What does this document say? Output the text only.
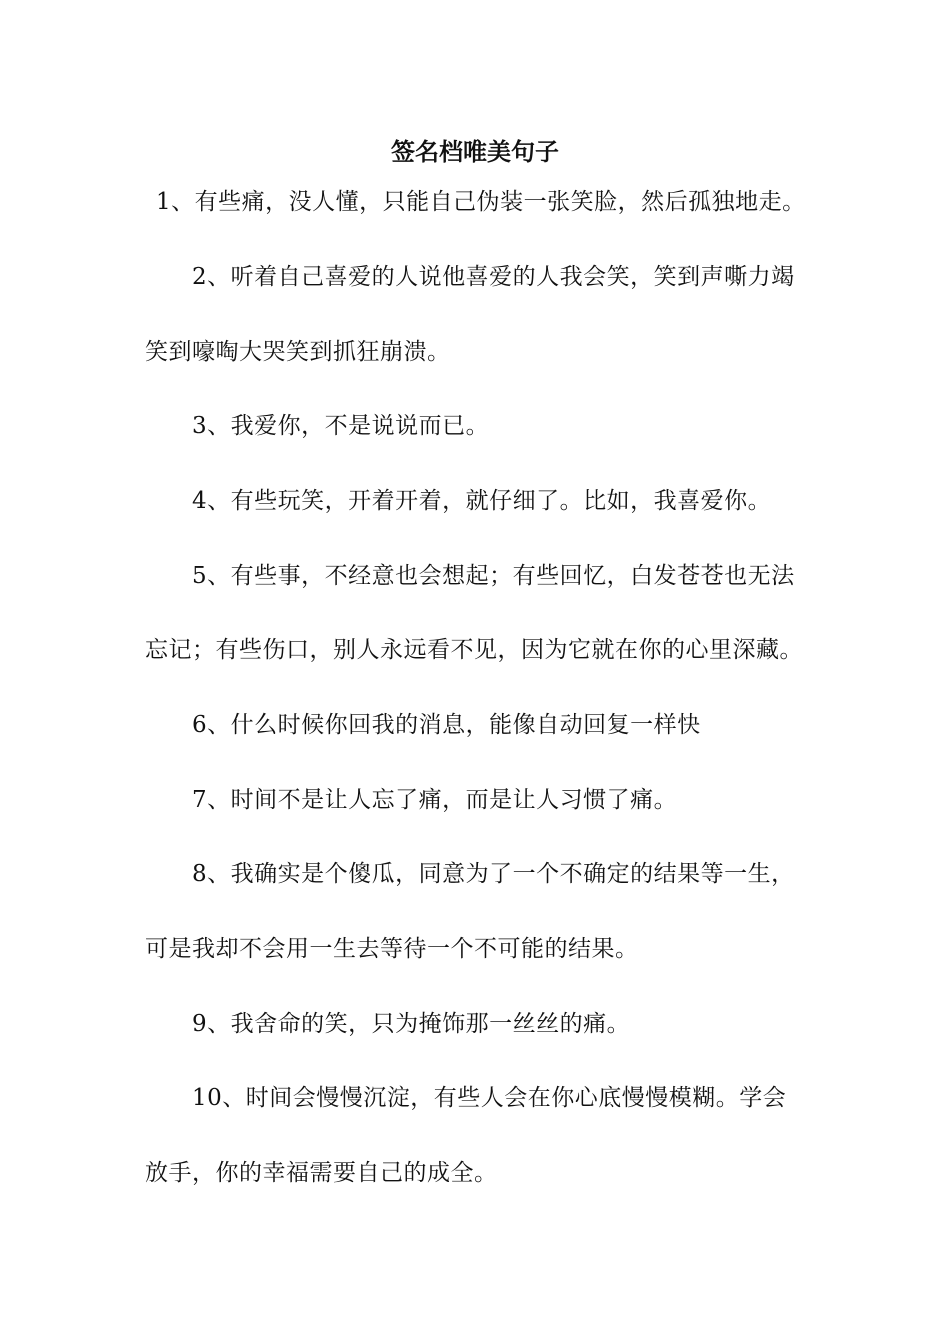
签名档唯美句子
1、有些痛，没人懂，只能自己伪装一张笑脸，然后孤独地走。
2、听着自己喜爱的人说他喜爱的人我会笑，笑到声嘶力竭
笑到嚎啕大哭笑到抓狂崩溃。
3、我爱你，不是说说而已。
4、有些玩笑，开着开着，就仔细了。比如，我喜爱你。
5、有些事，不经意也会想起；有些回忆，白发苍苍也无法
忘记；有些伤口，别人永远看不见，因为它就在你的心里深藏。
6、什么时候你回我的消息，能像自动回复一样快
7、时间不是让人忘了痛，而是让人习惯了痛。
8、我确实是个傻瓜，同意为了一个不确定的结果等一生，
可是我却不会用一生去等待一个不可能的结果。
9、我舍命的笑，只为掩饰那一丝丝的痛。
10、时间会慢慢沉淀，有些人会在你心底慢慢模糊。学会
放手，你的幸福需要自己的成全。
